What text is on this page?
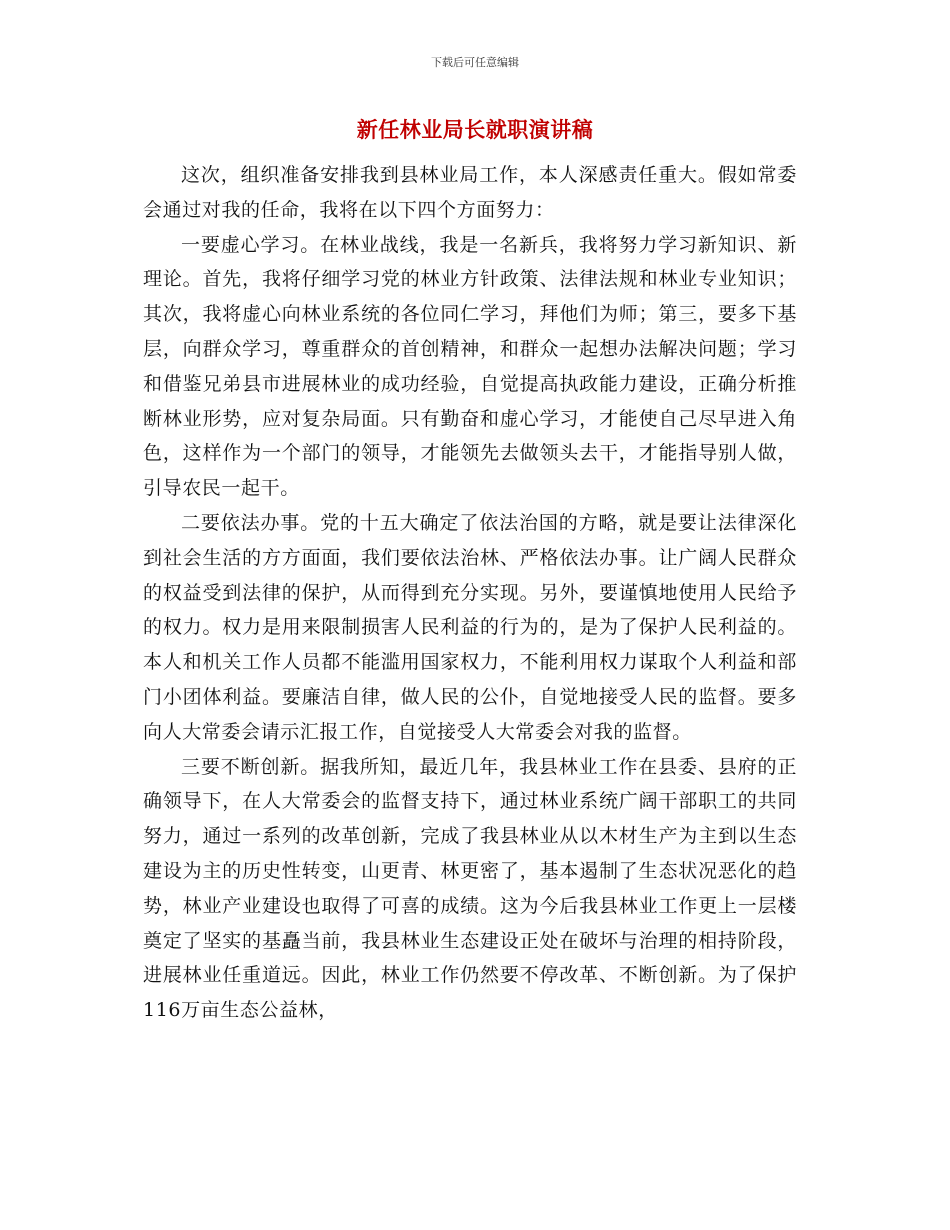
下载后可任意编辑
新任林业局长就职演讲稿

这次，组织准备安排我到县林业局工作，本人深感责任重大。假如常委会通过对我的任命，我将在以下四个方面努力：

一要虚心学习。在林业战线，我是一名新兵，我将努力学习新知识、新理论。首先，我将仔细学习党的林业方针政策、法律法规和林业专业知识；其次，我将虚心向林业系统的各位同仁学习，拜他们为师；第三，要多下基层，向群众学习，尊重群众的首创精神，和群众一起想办法解决问题；学习和借鉴兄弟县市进展林业的成功经验，自觉提高执政能力建设，正确分析推断林业形势，应对复杂局面。只有勤奋和虚心学习，才能使自己尽早进入角色，这样作为一个部门的领导，才能领先去做领头去干，才能指导别人做，引导农民一起干。

二要依法办事。党的十五大确定了依法治国的方略，就是要让法律深化到社会生活的方方面面，我们要依法治林、严格依法办事。让广阔人民群众的权益受到法律的保护，从而得到充分实现。另外，要谨慎地使用人民给予的权力。权力是用来限制损害人民利益的行为的，是为了保护人民利益的。本人和机关工作人员都不能滥用国家权力，不能利用权力谋取个人利益和部门小团体利益。要廉洁自律，做人民的公仆，自觉地接受人民的监督。要多向人大常委会请示汇报工作，自觉接受人大常委会对我的监督。

三要不断创新。据我所知，最近几年，我县林业工作在县委、县府的正确领导下，在人大常委会的监督支持下，通过林业系统广阔干部职工的共同努力，通过一系列的改革创新，完成了我县林业从以木材生产为主到以生态建设为主的历史性转变，山更青、林更密了，基本遏制了生态状况恶化的趋势，林业产业建设也取得了可喜的成绩。这为今后我县林业工作更上一层楼奠定了坚实的基矗当前，我县林业生态建设正处在破坏与治理的相持阶段，进展林业任重道远。因此，林业工作仍然要不停改革、不断创新。为了保护116万亩生态公益林，
